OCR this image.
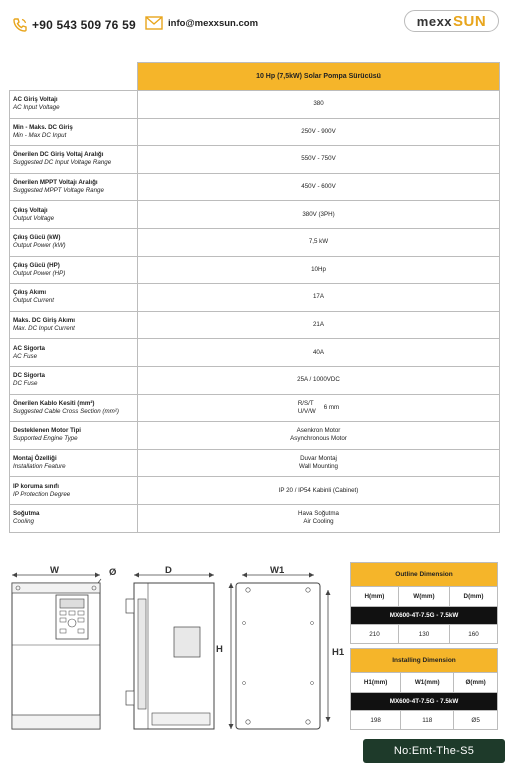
+90 543 509 76 59	info@mexxsun.com	mexx SUN
	10 Hp (7,5kW) Solar Pompa Sürücüsü

AC Giriş Voltajı
AC Input Voltage	380

Min - Maks. DC Giriş
Min - Max DC Input	250V - 900V

Önerilen DC Giriş Voltaj Aralığı
Suggested DC Input Voltage Range	550V - 750V

Önerilen MPPT Voltajı Aralığı
Suggested MPPT Voltage Range	450V - 600V

Çıkış Voltajı
Output Voltage	380V (3PH)

Çıkış Gücü (kW)
Output Power (kW)	7,5 kW

Çıkış Gücü (HP)
Output Power (HP)	10Hp

Çıkış Akımı
Output Current	17A

Maks. DC Giriş Akımı
Max. DC Input Current	21A

AC Sigorta
AC Fuse	40A

DC Sigorta
DC Fuse	25A / 1000VDC

Önerilen Kablo Kesiti (mm²)
Suggested Cable Cross Section (mm²)	R/S/T
U/V/W
6 mm

Desteklenen Motor Tipi
Supported Engine Type	Asenkron Motor
Asynchronous Motor

Montaj Özelliği
Installation Feature	Duvar Montaj
Wall Mounting

IP koruma sınıfı
IP Protection Degree	IP 20 / IP54 Kabinli (Cabinet)

Soğutma
Cooling	Hava Soğutma
Air Cooling
W	Ø	D	W1
H1
H
Outline Dimension		
H(mm)	W(mm)	D(mm)
MX600-4T-7.5G - 7.5kW		
210	130	160
Installing Dimension		
H1(mm)	W1(mm)	Ø(mm)
MX600-4T-7.5G - 7.5kW		
198	118	Ø5
No:Emt-The-S5
